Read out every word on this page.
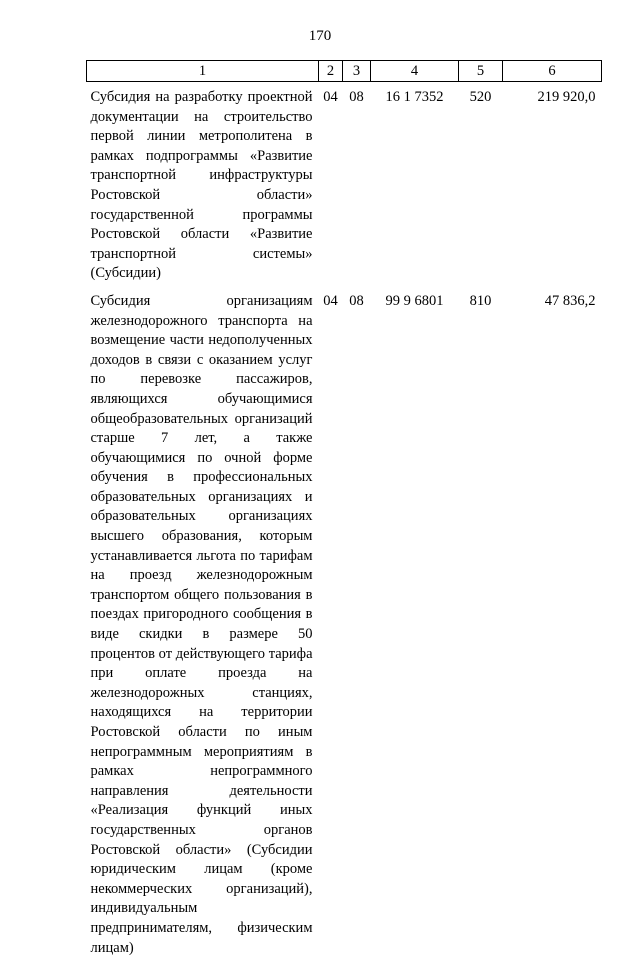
170
1	2	3	4	5	6
Субсидия на разработку проектной документации на строительство первой линии метрополитена в рамках подпрограммы «Развитие транспортной инфраструктуры Ростовской области» государственной программы Ростовской области «Развитие транспортной системы» (Субсидии)	04	08	16 1 7352	520	219 920,0

Субсидия организациям железнодорожного транспорта на возмещение части недополученных доходов в связи с оказанием услуг по перевозке пассажиров, являющихся обучающимися общеобразовательных организаций старше 7 лет, а также обучающимися по очной форме обучения в профессиональных образовательных организациях и образовательных организациях высшего образования, которым устанавливается льгота по тарифам на проезд железнодорожным транспортом общего пользования в поездах пригородного сообщения в виде скидки в размере 50 процентов от действующего тарифа при оплате проезда на железнодорожных станциях, находящихся на территории Ростовской области по иным непрограммным мероприятиям в рамках непрограммного направления деятельности «Реализация функций иных государственных органов Ростовской области» (Субсидии юридическим лицам (кроме некоммерческих организаций), индивидуальным предпринимателям, физическим лицам)	04	08	99 9 6801	810	47 836,2
